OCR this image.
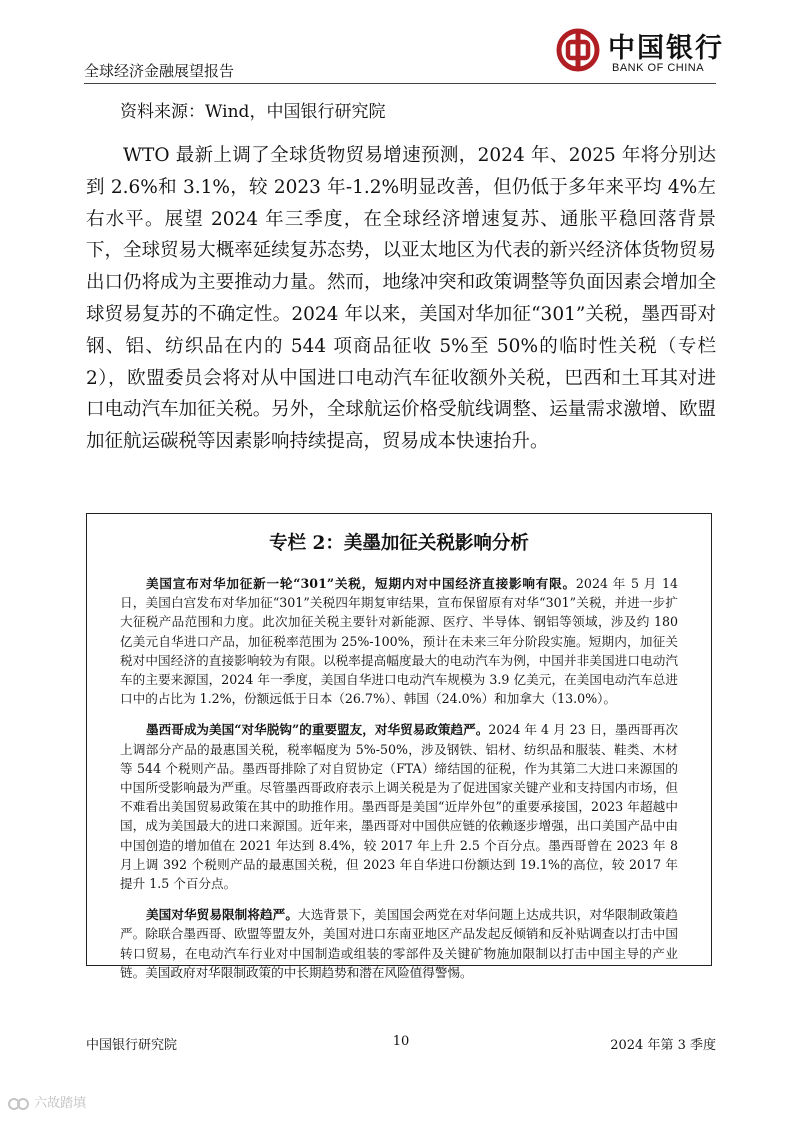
全球经济金融展望报告
中国银行
BANK OF CHINA
资料来源：Wind，中国银行研究院

WTO 最新上调了全球货物贸易增速预测，2024 年、2025 年将分别达到 2.6%和 3.1%，较 2023 年-1.2%明显改善，但仍低于多年来平均 4%左右水平。展望 2024 年三季度，在全球经济增速复苏、通胀平稳回落背景下，全球贸易大概率延续复苏态势，以亚太地区为代表的新兴经济体货物贸易出口仍将成为主要推动力量。然而，地缘冲突和政策调整等负面因素会增加全球贸易复苏的不确定性。2024 年以来，美国对华加征“301”关税，墨西哥对钢、铝、纺织品在内的 544 项商品征收 5%至 50%的临时性关税（专栏 2），欧盟委员会将对从中国进口电动汽车征收额外关税，巴西和土耳其对进口电动汽车加征关税。另外，全球航运价格受航线调整、运量需求激增、欧盟加征航运碳税等因素影响持续提高，贸易成本快速抬升。

专栏 2：美墨加征关税影响分析

美国宣布对华加征新一轮“301”关税，短期内对中国经济直接影响有限。2024 年 5 月 14 日，美国白宫发布对华加征“301”关税四年期复审结果，宣布保留原有对华“301”关税，并进一步扩大征税产品范围和力度。此次加征关税主要针对新能源、医疗、半导体、钢铝等领域，涉及约 180 亿美元自华进口产品，加征税率范围为 25%-100%，预计在未来三年分阶段实施。短期内，加征关税对中国经济的直接影响较为有限。以税率提高幅度最大的电动汽车为例，中国并非美国进口电动汽车的主要来源国，2024 年一季度，美国自华进口电动汽车规模为 3.9 亿美元，在美国电动汽车总进口中的占比为 1.2%，份额远低于日本（26.7%）、韩国（24.0%）和加拿大（13.0%）。

墨西哥成为美国“对华脱钩”的重要盟友，对华贸易政策趋严。2024 年 4 月 23 日，墨西哥再次上调部分产品的最惠国关税，税率幅度为 5%-50%，涉及钢铁、铝材、纺织品和服装、鞋类、木材等 544 个税则产品。墨西哥排除了对自贸协定（FTA）缔结国的征税，作为其第二大进口来源国的中国所受影响最为严重。尽管墨西哥政府表示上调关税是为了促进国家关键产业和支持国内市场，但不难看出美国贸易政策在其中的助推作用。墨西哥是美国“近岸外包”的重要承接国，2023 年超越中国，成为美国最大的进口来源国。近年来，墨西哥对中国供应链的依赖逐步增强，出口美国产品中由中国创造的增加值在 2021 年达到 8.4%，较 2017 年上升 2.5 个百分点。墨西哥曾在 2023 年 8 月上调 392 个税则产品的最惠国关税，但 2023 年自华进口份额达到 19.1%的高位，较 2017 年提升 1.5 个百分点。

美国对华贸易限制将趋严。大选背景下，美国国会两党在对华问题上达成共识，对华限制政策趋严。除联合墨西哥、欧盟等盟友外，美国对进口东南亚地区产品发起反倾销和反补贴调查以打击中国转口贸易，在电动汽车行业对中国制造或组装的零部件及关键矿物施加限制以打击中国主导的产业链。美国政府对华限制政策的中长期趋势和潜在风险值得警惕。

10
中国银行研究院	2024 年第 3 季度
六故踏填
